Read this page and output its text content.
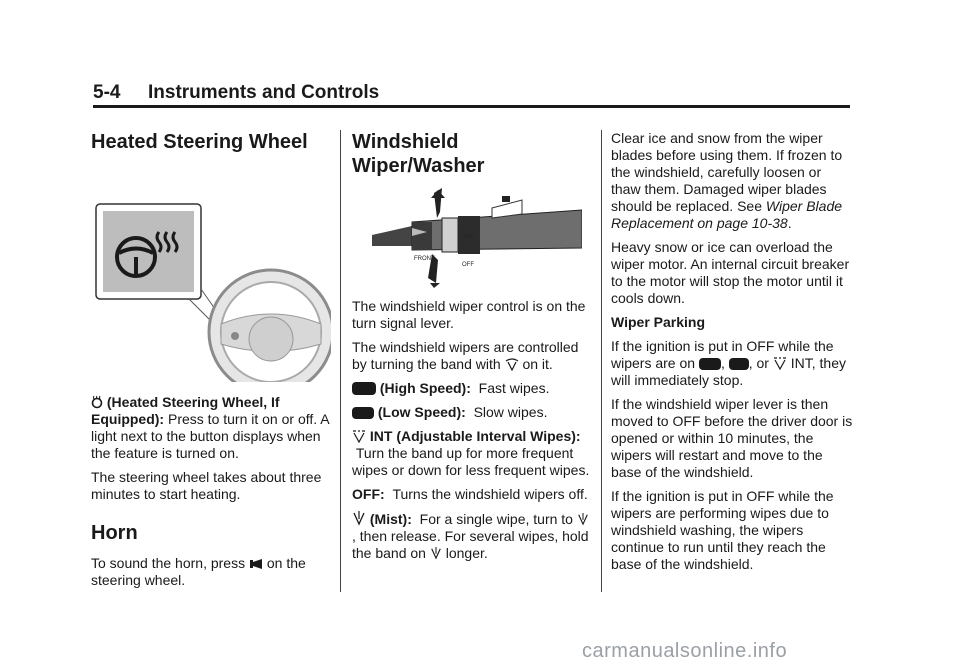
5-4 Instruments and Controls
Heated Steering Wheel

(Heated Steering Wheel, If Equipped): Press to turn it on or off. A light next to the button displays when the feature is turned on.

The steering wheel takes about three minutes to start heating.

Horn

To sound the horn, press on the steering wheel.

Windshield Wiper/Washer
FRONT
INT
OFF

The windshield wiper control is on the turn signal lever.

The windshield wipers are controlled by turning the band with on it.

(High Speed): Fast wipes.

(Low Speed): Slow wipes.

INT (Adjustable Interval Wipes):  Turn the band up for more frequent wipes or down for less frequent wipes.

OFF: Turns the windshield wipers off.

(Mist): For a single wipe, turn to , then release. For several wipes, hold the band on longer.

Clear ice and snow from the wiper blades before using them. If frozen to the windshield, carefully loosen or thaw them. Damaged wiper blades should be replaced. See Wiper Blade Replacement on page 10-38.

Heavy snow or ice can overload the wiper motor. An internal circuit breaker to the motor will stop the motor until it cools down.

Wiper Parking

If the ignition is put in OFF while the wipers are on , , or INT, they will immediately stop.

If the windshield wiper lever is then moved to OFF before the driver door is opened or within 10 minutes, the wipers will restart and move to the base of the windshield.

If the ignition is put in OFF while the wipers are performing wipes due to windshield washing, the wipers continue to run until they reach the base of the windshield.

carmanualsonline.info
